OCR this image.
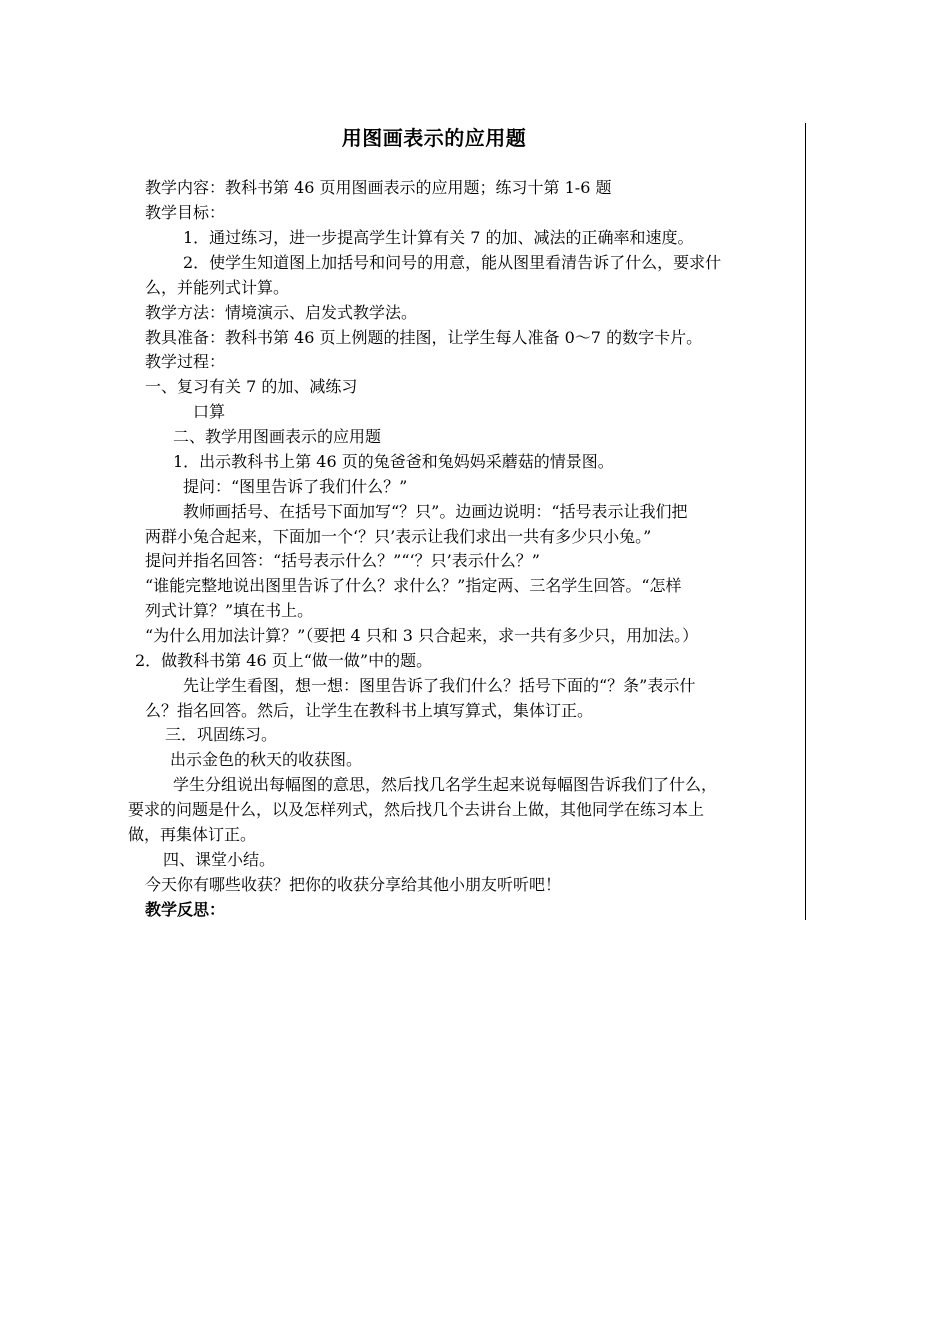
用图画表示的应用题
教学内容：教科书第 46 页用图画表示的应用题；练习十第 1-6 题
教学目标：
1．通过练习，进一步提高学生计算有关 7 的加、减法的正确率和速度。
2．使学生知道图上加括号和问号的用意，能从图里看清告诉了什么，要求什
么，并能列式计算。
教学方法：情境演示、启发式教学法。
教具准备：教科书第 46 页上例题的挂图，让学生每人准备 0～7 的数字卡片。
教学过程：
一、复习有关 7 的加、减练习
口算
二、教学用图画表示的应用题
1．出示教科书上第 46 页的兔爸爸和兔妈妈采蘑菇的情景图。
提问：“图里告诉了我们什么？”
教师画括号、在括号下面加写“？只”。边画边说明：“括号表示让我们把
两群小兔合起来，下面加一个‘？只’表示让我们求出一共有多少只小兔。”
提问并指名回答：“括号表示什么？”“‘？只’表示什么？”
“谁能完整地说出图里告诉了什么？求什么？”指定两、三名学生回答。“怎样
列式计算？”填在书上。
“为什么用加法计算？”（要把 4 只和 3 只合起来，求一共有多少只，用加法。）
2．做教科书第 46 页上“做一做”中的题。
先让学生看图，想一想：图里告诉了我们什么？括号下面的“？条”表示什
么？指名回答。然后，让学生在教科书上填写算式，集体订正。
三．巩固练习。
出示金色的秋天的收获图。
学生分组说出每幅图的意思，然后找几名学生起来说每幅图告诉我们了什么，
要求的问题是什么，以及怎样列式，然后找几个去讲台上做，其他同学在练习本上
做，再集体订正。
四、课堂小结。
今天你有哪些收获？把你的收获分享给其他小朋友听听吧！
教学反思：
